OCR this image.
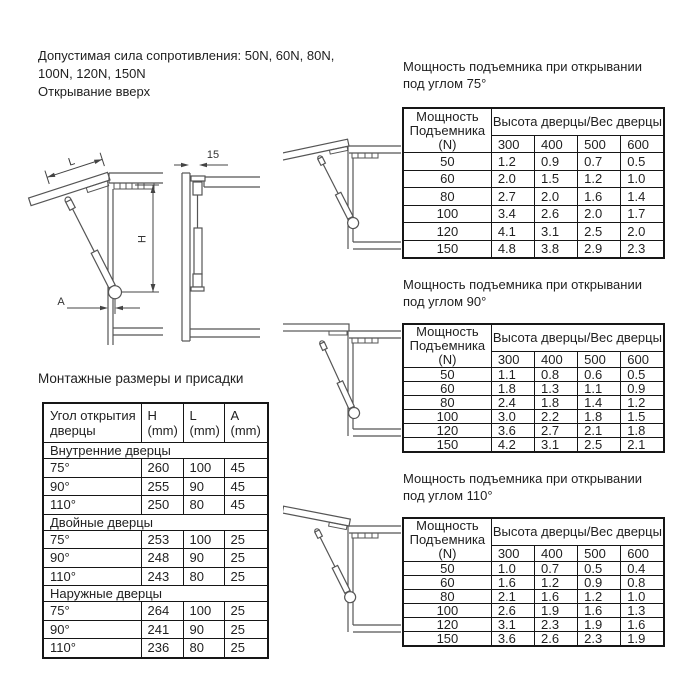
Допустимая сила сопротивления: 50N, 60N, 80N,
100N, 120N, 150N
Открывание вверх
L
H
A
15
Монтажные размеры и присадки
Угол открытия дверцы	H (mm)	L (mm)	A (mm)
Внутренние дверцы			
75°	260	100	45
90°	255	90	45
110°	250	80	45
Двойные дверцы			
75°	253	100	25
90°	248	90	25
110°	243	80	25
Наружные дверцы			
75°	264	100	25
90°	241	90	25
110°	236	80	25
Мощность подъемника при открывании
под углом 75°
Мощность Подъемника (N)	Высота дверцы/Вес дверцы			
	300	400	500	600
50	1.2	0.9	0.7	0.5
60	2.0	1.5	1.2	1.0
80	2.7	2.0	1.6	1.4
100	3.4	2.6	2.0	1.7
120	4.1	3.1	2.5	2.0
150	4.8	3.8	2.9	2.3
Мощность подъемника при открывании
под углом 90°
Мощность Подъемника (N)	Высота дверцы/Вес дверцы			
	300	400	500	600
50	1.1	0.8	0.6	0.5
60	1.8	1.3	1.1	0.9
80	2.4	1.8	1.4	1.2
100	3.0	2.2	1.8	1.5
120	3.6	2.7	2.1	1.8
150	4.2	3.1	2.5	2.1
Мощность подъемника при открывании
под углом 110°
Мощность Подъемника (N)	Высота дверцы/Вес дверцы			
	300	400	500	600
50	1.0	0.7	0.5	0.4
60	1.6	1.2	0.9	0.8
80	2.1	1.6	1.2	1.0
100	2.6	1.9	1.6	1.3
120	3.1	2.3	1.9	1.6
150	3.6	2.6	2.3	1.9
